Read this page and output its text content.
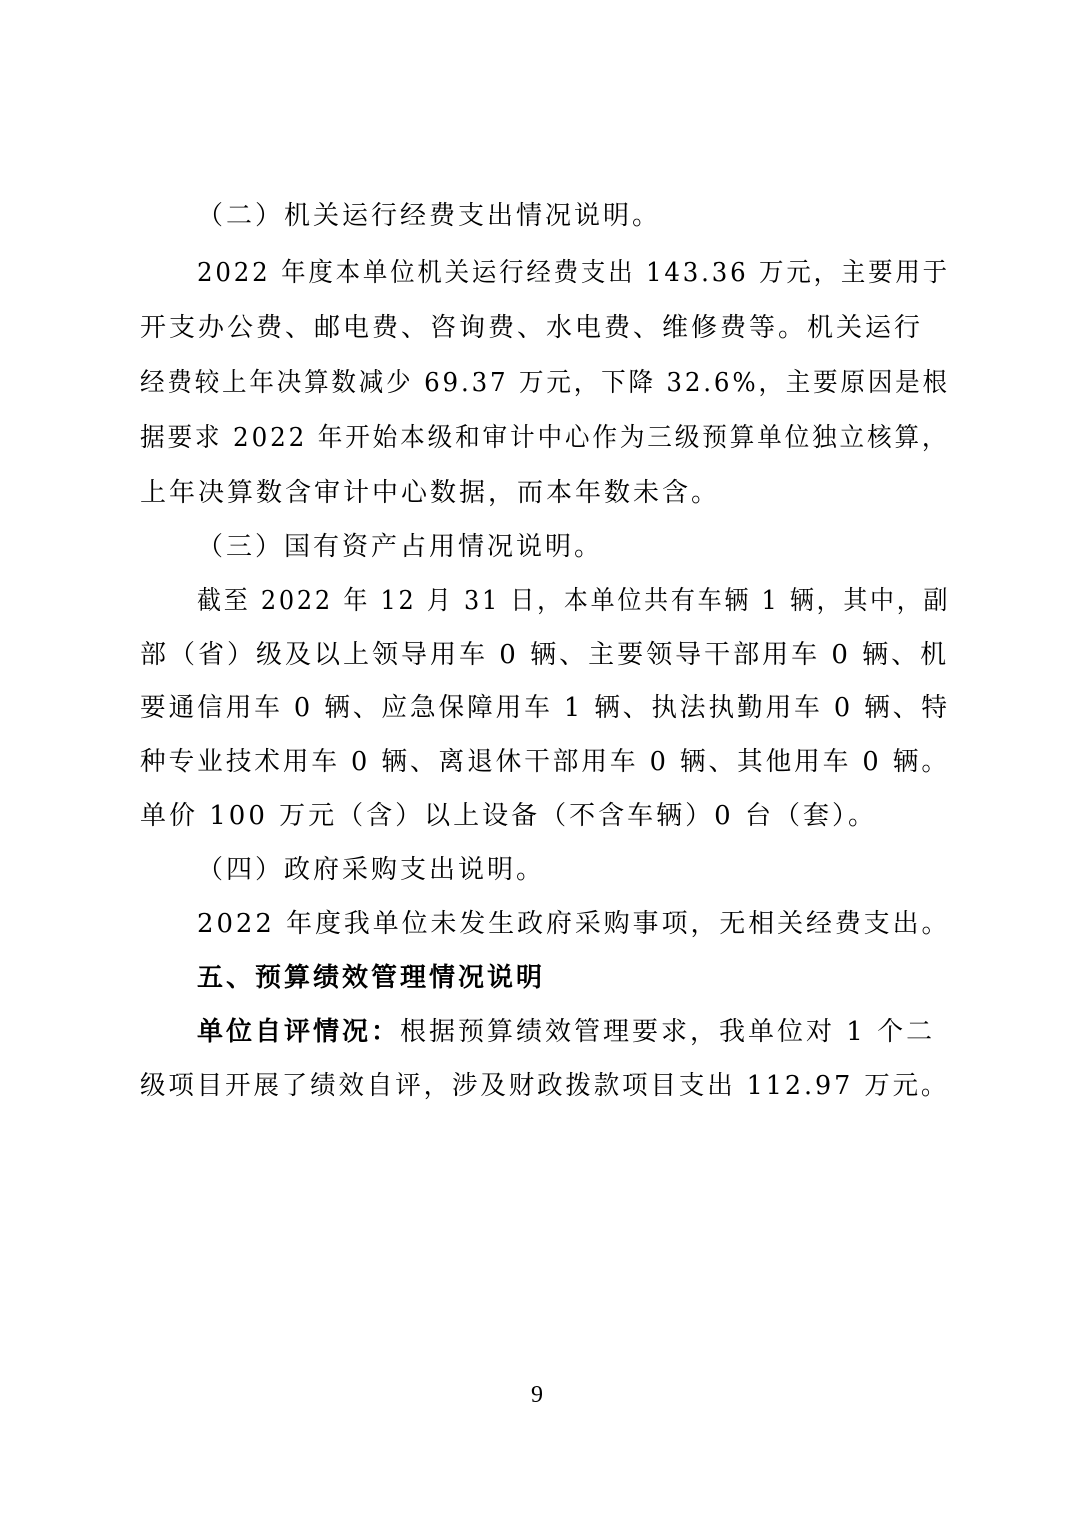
（二）机关运行经费支出情况说明。
2022 年度本单位机关运行经费支出 143.36 万元，主要用于
开支办公费、邮电费、咨询费、水电费、维修费等。机关运行
经费较上年决算数减少 69.37 万元，下降 32.6%，主要原因是根
据要求 2022 年开始本级和审计中心作为三级预算单位独立核算，
上年决算数含审计中心数据，而本年数未含。
（三）国有资产占用情况说明。
截至 2022 年 12 月 31 日，本单位共有车辆 1 辆，其中，副
部（省）级及以上领导用车 0 辆、主要领导干部用车 0 辆、机
要通信用车 0 辆、应急保障用车 1 辆、执法执勤用车 0 辆、特
种专业技术用车 0 辆、离退休干部用车 0 辆、其他用车 0 辆。
单价 100 万元（含）以上设备（不含车辆）0 台（套）。
（四）政府采购支出说明。
2022 年度我单位未发生政府采购事项，无相关经费支出。
五、预算绩效管理情况说明
单位自评情况：根据预算绩效管理要求，我单位对 1 个二
级项目开展了绩效自评，涉及财政拨款项目支出 112.97 万元。
9
